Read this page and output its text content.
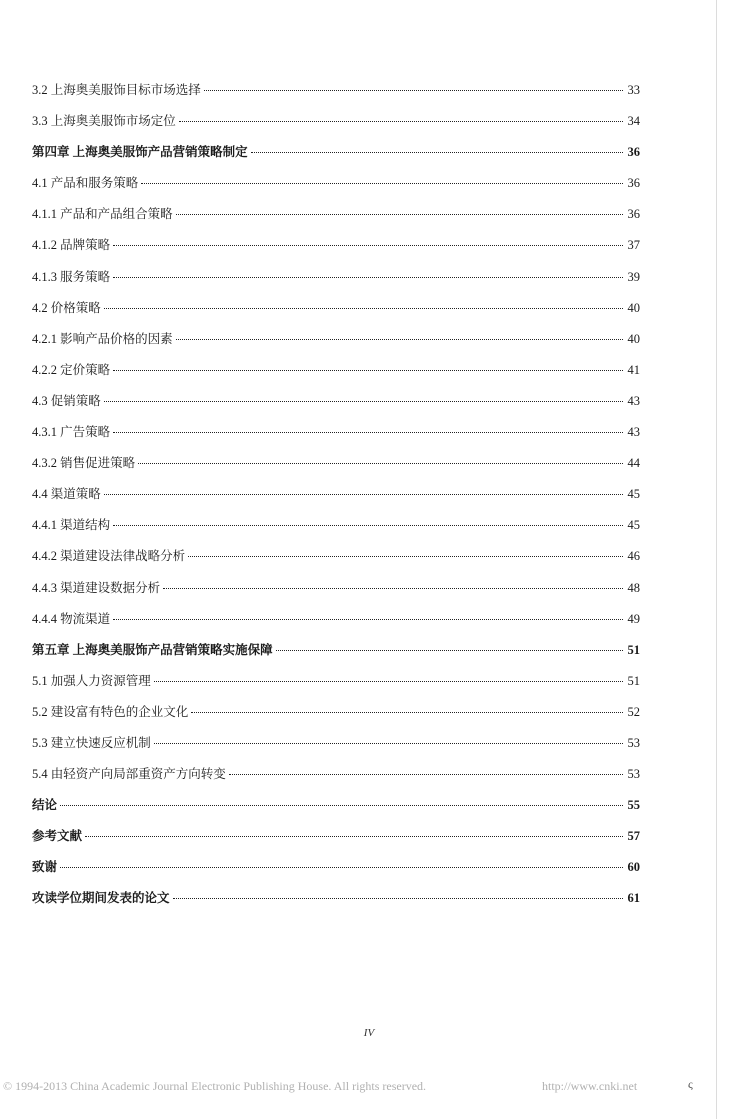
3.2 上海奥美服饰目标市场选择	33
3.3 上海奥美服饰市场定位	34
第四章 上海奥美服饰产品营销策略制定	36
4.1 产品和服务策略	36
4.1.1 产品和产品组合策略	36
4.1.2 品牌策略	37
4.1.3 服务策略	39
4.2 价格策略	40
4.2.1 影响产品价格的因素	40
4.2.2 定价策略	41
4.3 促销策略	43
4.3.1 广告策略	43
4.3.2 销售促进策略	44
4.4 渠道策略	45
4.4.1 渠道结构	45
4.4.2 渠道建设法律战略分析	46
4.4.3 渠道建设数据分析	48
4.4.4 物流渠道	49
第五章 上海奥美服饰产品营销策略实施保障	51
5.1 加强人力资源管理	51
5.2 建设富有特色的企业文化	52
5.3 建立快速反应机制	53
5.4 由轻资产向局部重资产方向转变	53
结论	55
参考文献	57
致谢	60
攻读学位期间发表的论文	61
IV
© 1994-2013 China Academic Journal Electronic Publishing House. All rights reserved.	http://www.cnki.net	ς
